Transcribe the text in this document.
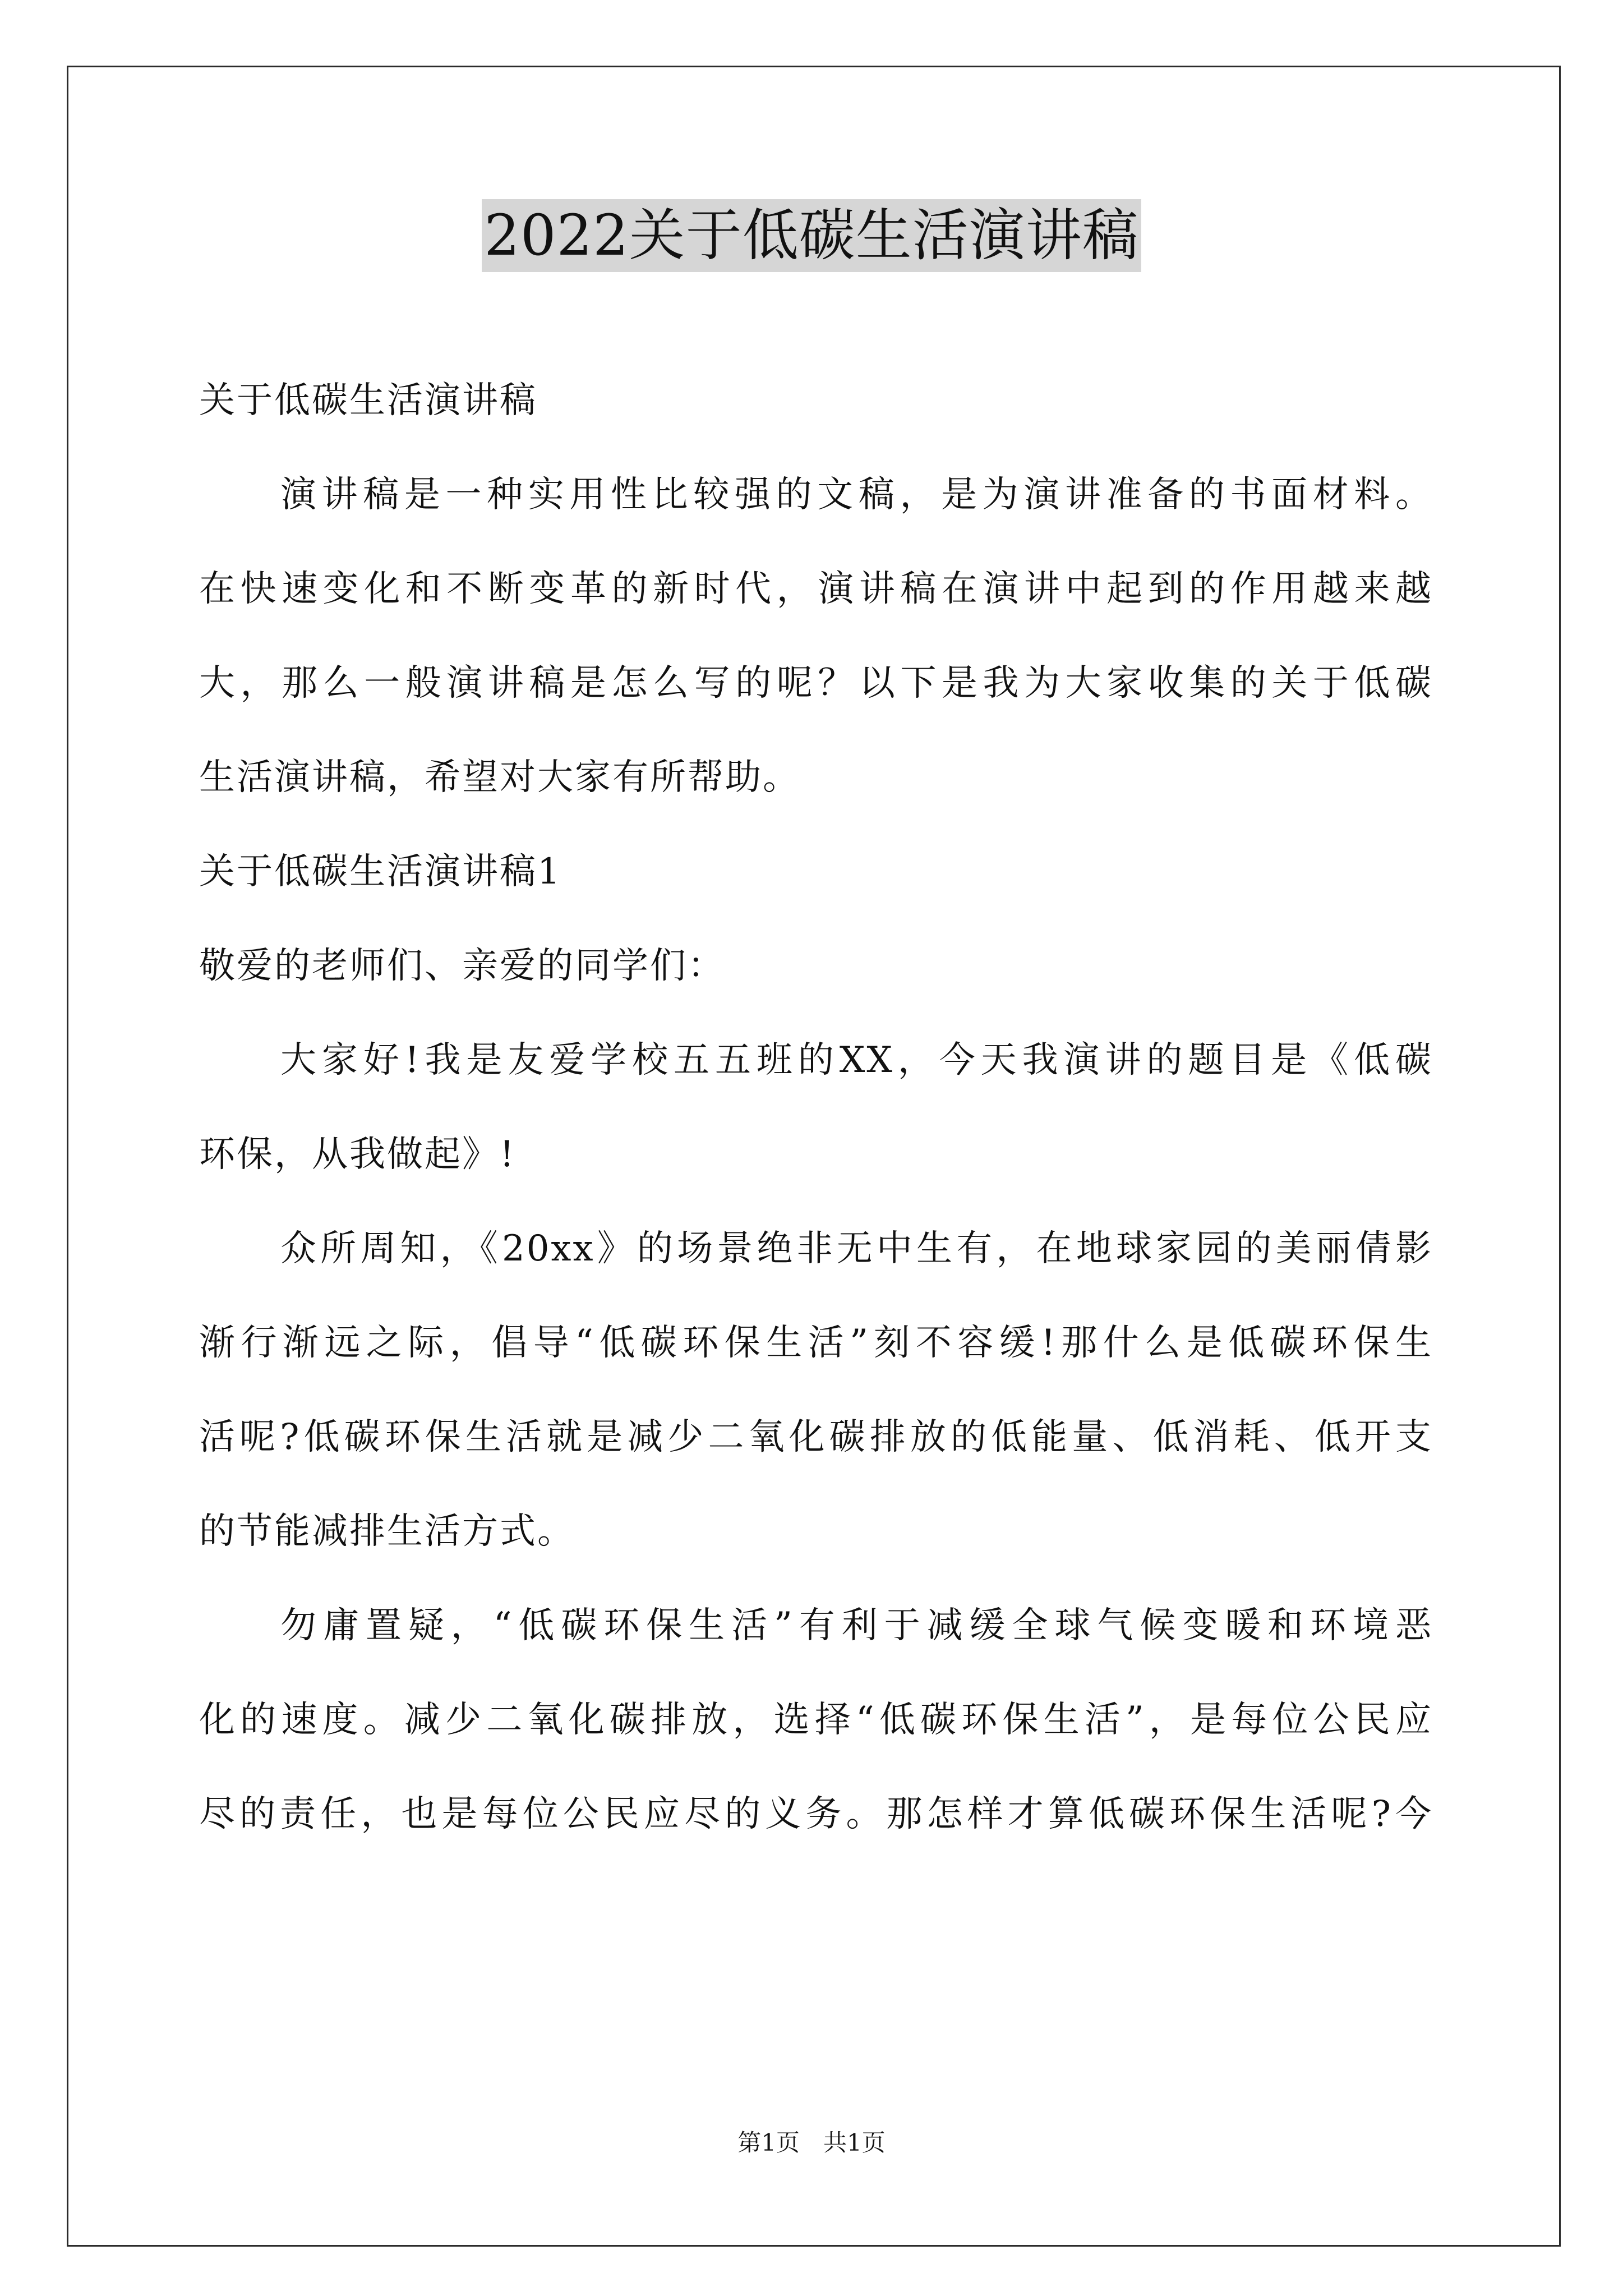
2022关于低碳生活演讲稿
关于低碳生活演讲稿
演讲稿是一种实用性比较强的文稿，是为演讲准备的书面材料。
在快速变化和不断变革的新时代，演讲稿在演讲中起到的作用越来越
大，那么一般演讲稿是怎么写的呢？以下是我为大家收集的关于低碳
生活演讲稿，希望对大家有所帮助。
关于低碳生活演讲稿1
敬爱的老师们、亲爱的同学们：
大家好!我是友爱学校五五班的XX，今天我演讲的题目是《低碳
环保，从我做起》!
众所周知，《20xx》的场景绝非无中生有，在地球家园的美丽倩影
渐行渐远之际，倡导“低碳环保生活”刻不容缓!那什么是低碳环保生
活呢?低碳环保生活就是减少二氧化碳排放的低能量、低消耗、低开支
的节能减排生活方式。
勿庸置疑，“低碳环保生活”有利于减缓全球气候变暖和环境恶
化的速度。减少二氧化碳排放，选择“低碳环保生活”，是每位公民应
尽的责任，也是每位公民应尽的义务。那怎样才算低碳环保生活呢?今
第1页　共1页
